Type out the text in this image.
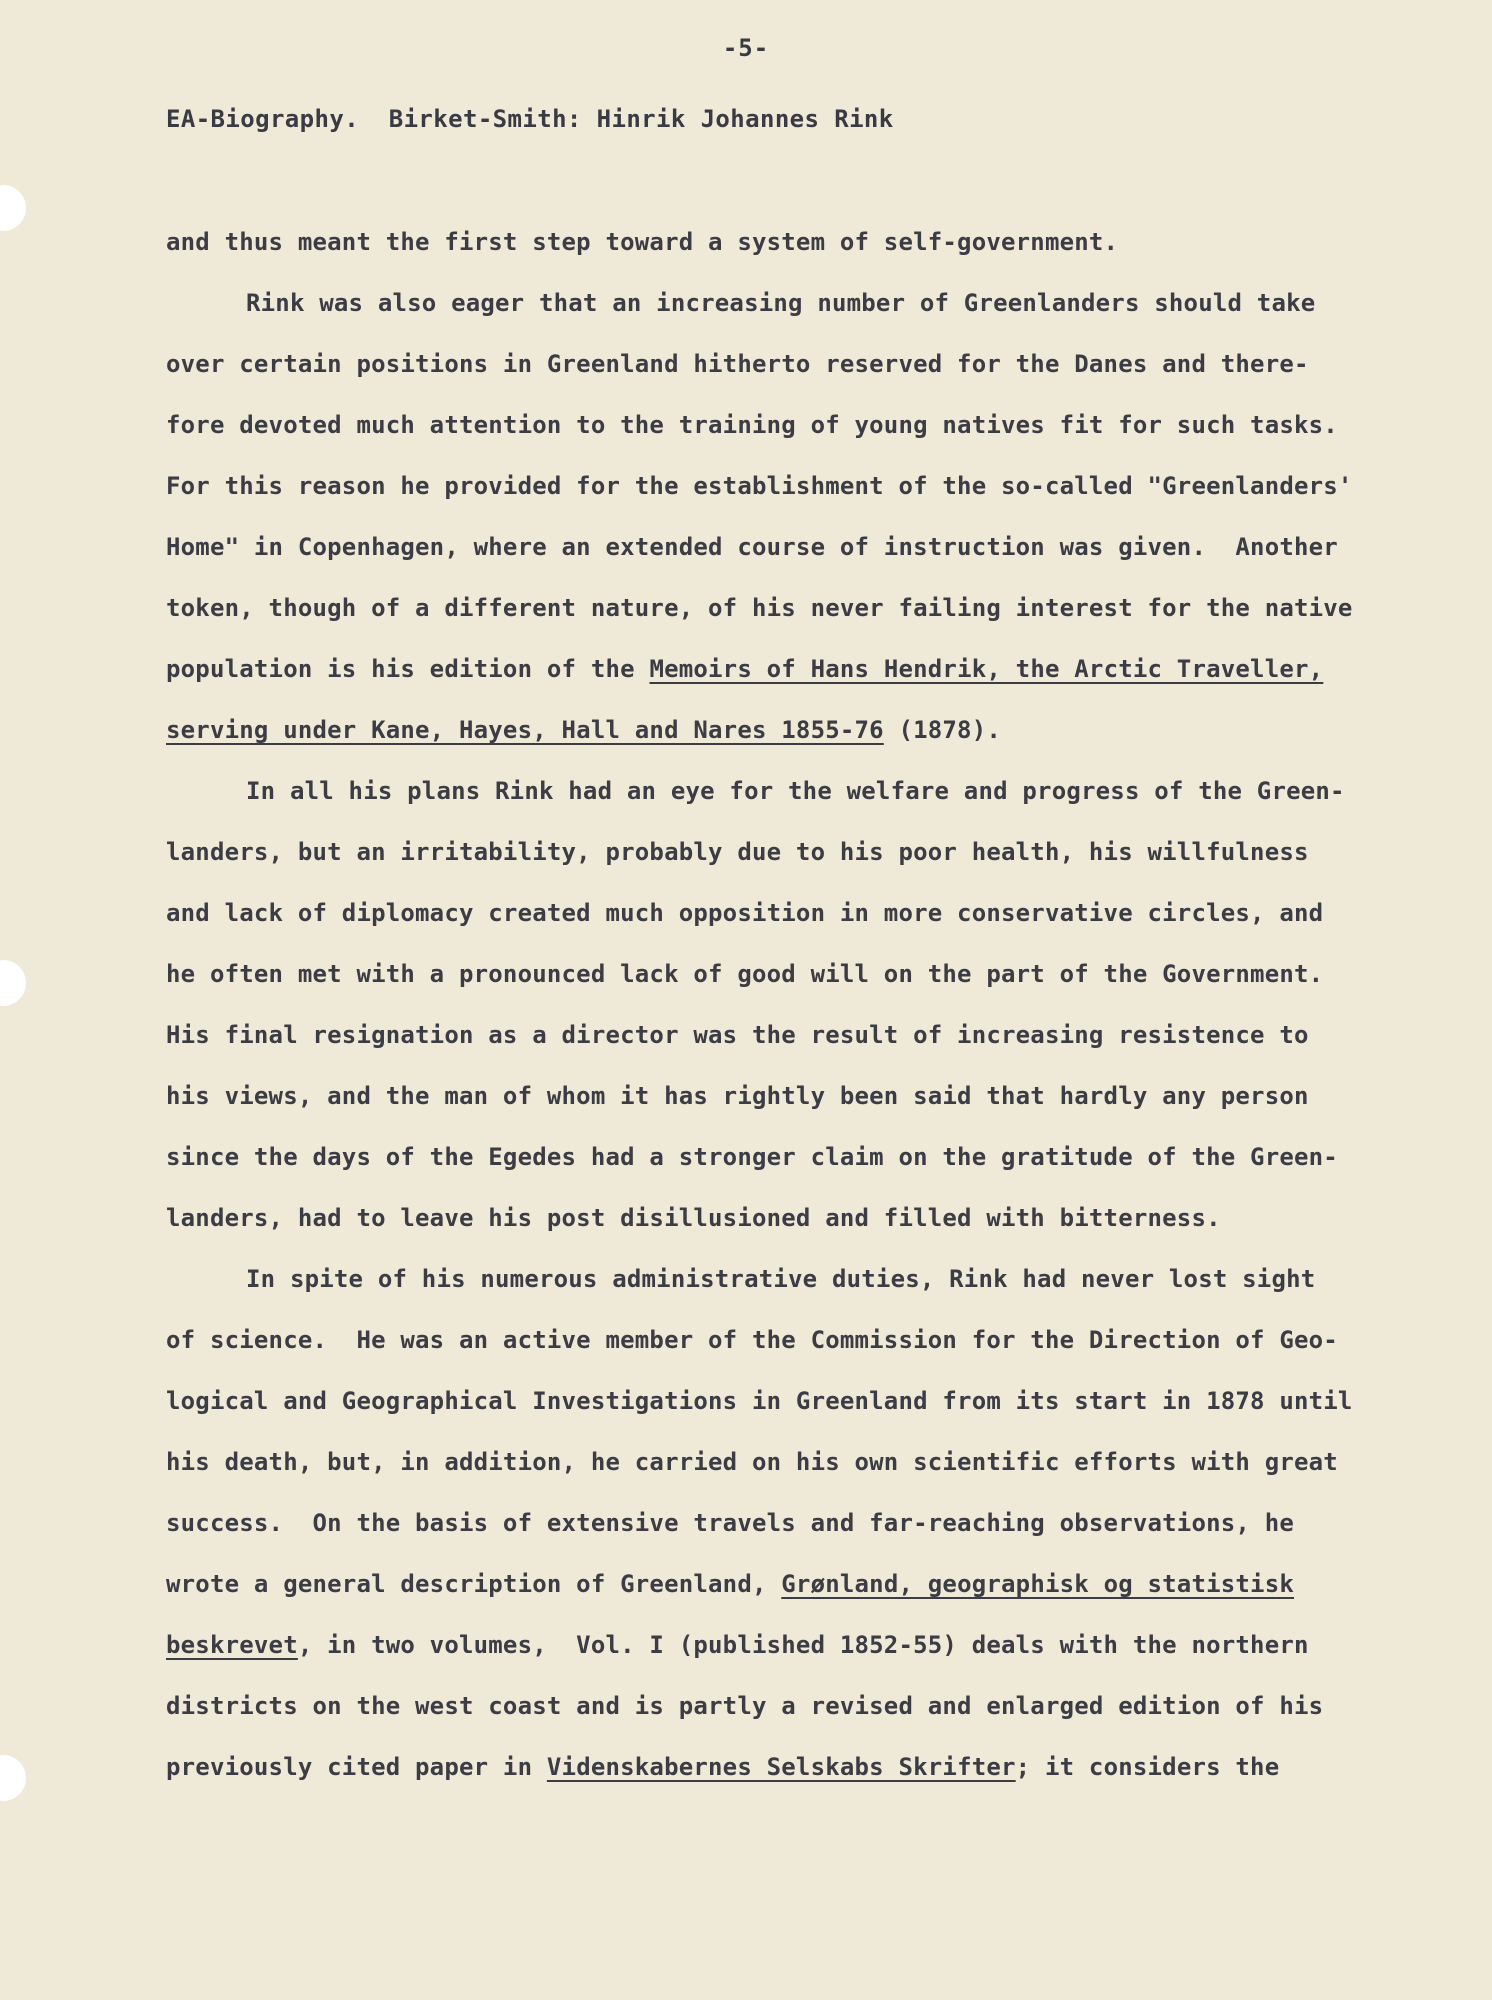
-5-
EA-Biography.  Birket-Smith: Hinrik Johannes Rink
and thus meant the first step toward a system of self-government.
Rink was also eager that an increasing number of Greenlanders should take
over certain positions in Greenland hitherto reserved for the Danes and there-
fore devoted much attention to the training of young natives fit for such tasks.
For this reason he provided for the establishment of the so-called "Greenlanders'
Home" in Copenhagen, where an extended course of instruction was given.  Another
token, though of a different nature, of his never failing interest for the native
population is his edition of the Memoirs of Hans Hendrik, the Arctic Traveller,
serving under Kane, Hayes, Hall and Nares 1855-76 (1878).
In all his plans Rink had an eye for the welfare and progress of the Green-
landers, but an irritability, probably due to his poor health, his willfulness
and lack of diplomacy created much opposition in more conservative circles, and
he often met with a pronounced lack of good will on the part of the Government.
His final resignation as a director was the result of increasing resistence to
his views, and the man of whom it has rightly been said that hardly any person
since the days of the Egedes had a stronger claim on the gratitude of the Green-
landers, had to leave his post disillusioned and filled with bitterness.
In spite of his numerous administrative duties, Rink had never lost sight
of science.  He was an active member of the Commission for the Direction of Geo-
logical and Geographical Investigations in Greenland from its start in 1878 until
his death, but, in addition, he carried on his own scientific efforts with great
success.  On the basis of extensive travels and far-reaching observations, he
wrote a general description of Greenland, Grønland, geographisk og statistisk
beskrevet, in two volumes,  Vol. I (published 1852-55) deals with the northern
districts on the west coast and is partly a revised and enlarged edition of his
previously cited paper in Videnskabernes Selskabs Skrifter; it considers the
